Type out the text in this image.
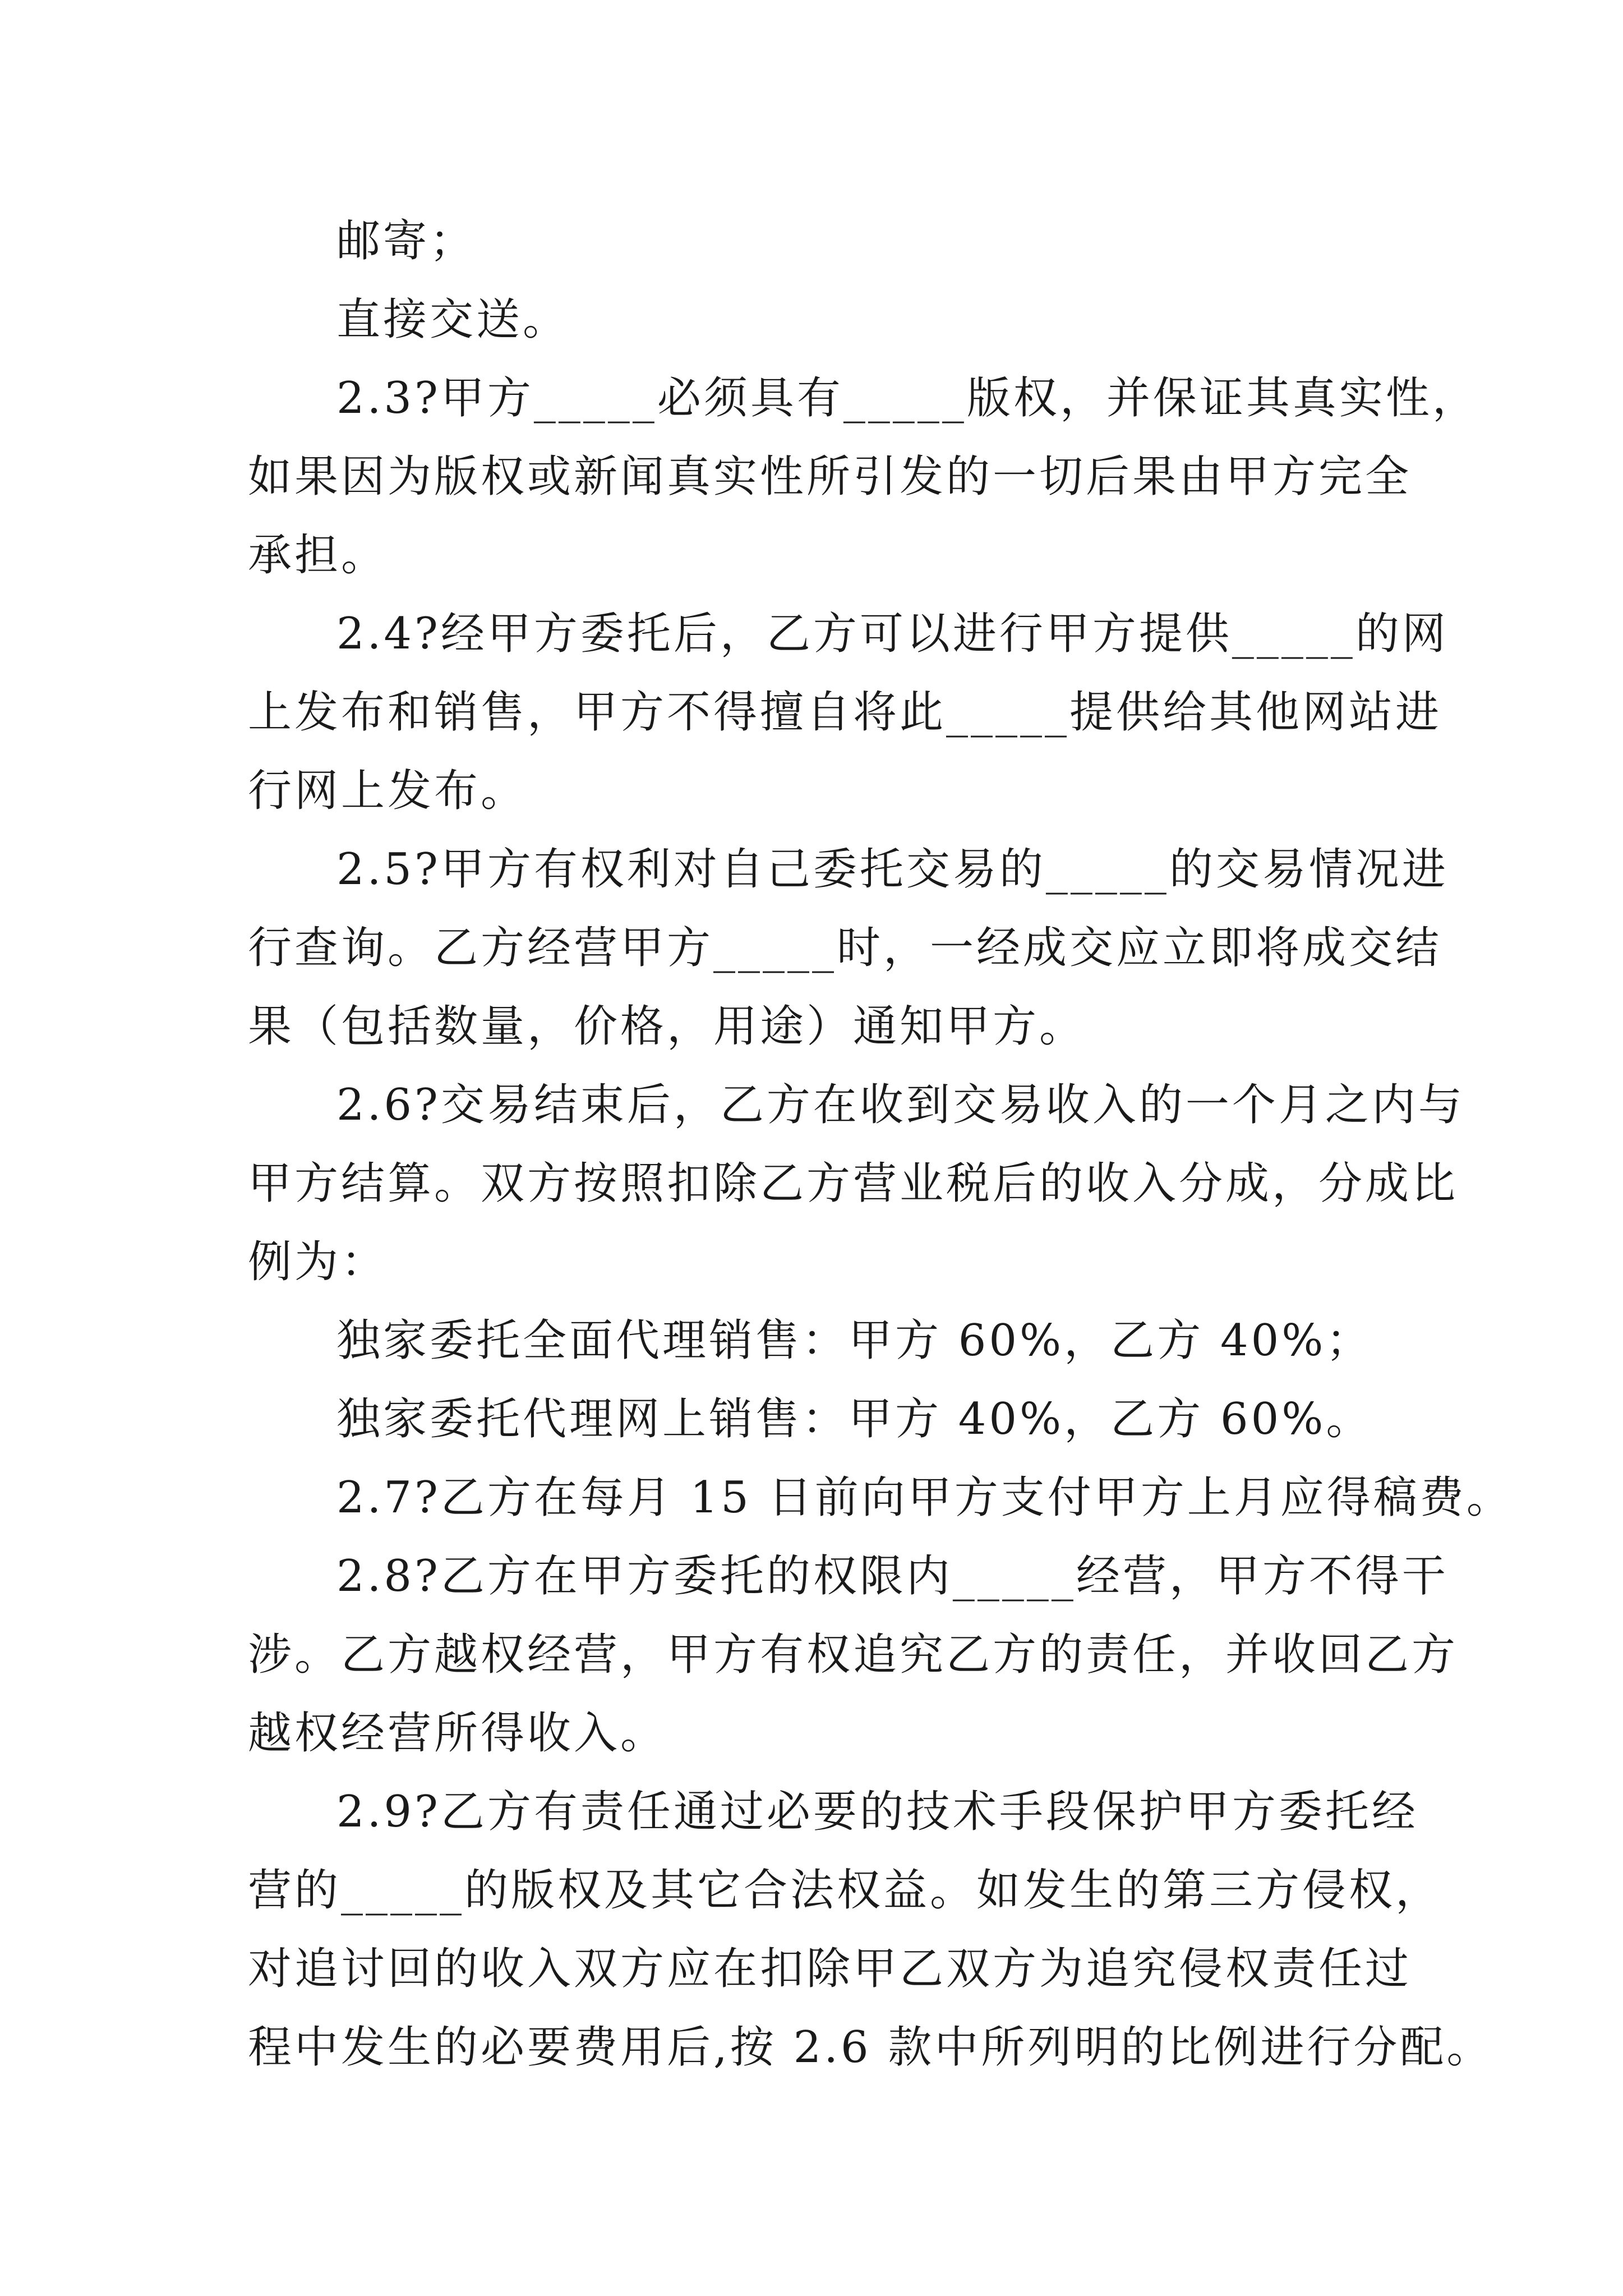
邮寄；
直接交送。
2.3?甲方_____必须具有_____版权，并保证其真实性，
如果因为版权或新闻真实性所引发的一切后果由甲方完全
承担。
2.4?经甲方委托后，乙方可以进行甲方提供_____的网
上发布和销售，甲方不得擅自将此_____提供给其他网站进
行网上发布。
2.5?甲方有权利对自己委托交易的_____的交易情况进
行查询。乙方经营甲方_____时，一经成交应立即将成交结
果（包括数量，价格，用途）通知甲方。
2.6?交易结束后，乙方在收到交易收入的一个月之内与
甲方结算。双方按照扣除乙方营业税后的收入分成，分成比
例为：
独家委托全面代理销售：甲方 60%，乙方 40%；
独家委托代理网上销售：甲方 40%，乙方 60%。
2.7?乙方在每月 15 日前向甲方支付甲方上月应得稿费。
2.8?乙方在甲方委托的权限内_____经营，甲方不得干
涉。乙方越权经营，甲方有权追究乙方的责任，并收回乙方
越权经营所得收入。
2.9?乙方有责任通过必要的技术手段保护甲方委托经
营的_____的版权及其它合法权益。如发生的第三方侵权，
对追讨回的收入双方应在扣除甲乙双方为追究侵权责任过
程中发生的必要费用后,按 2.6 款中所列明的比例进行分配。
